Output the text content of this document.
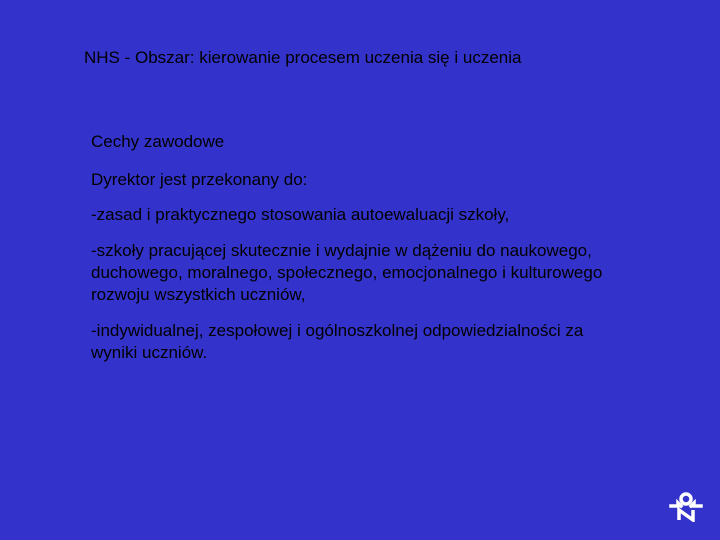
NHS - Obszar: kierowanie procesem uczenia się i uczenia

Cechy zawodowe

Dyrektor jest przekonany do:

-zasad i praktycznego stosowania autoewaluacji szkoły,

-szkoły pracującej skutecznie i wydajnie w dążeniu do naukowego, duchowego, moralnego, społecznego, emocjonalnego i kulturowego rozwoju wszystkich uczniów,

-indywidualnej, zespołowej i ogólnoszkolnej odpowiedzialności za wyniki uczniów.
